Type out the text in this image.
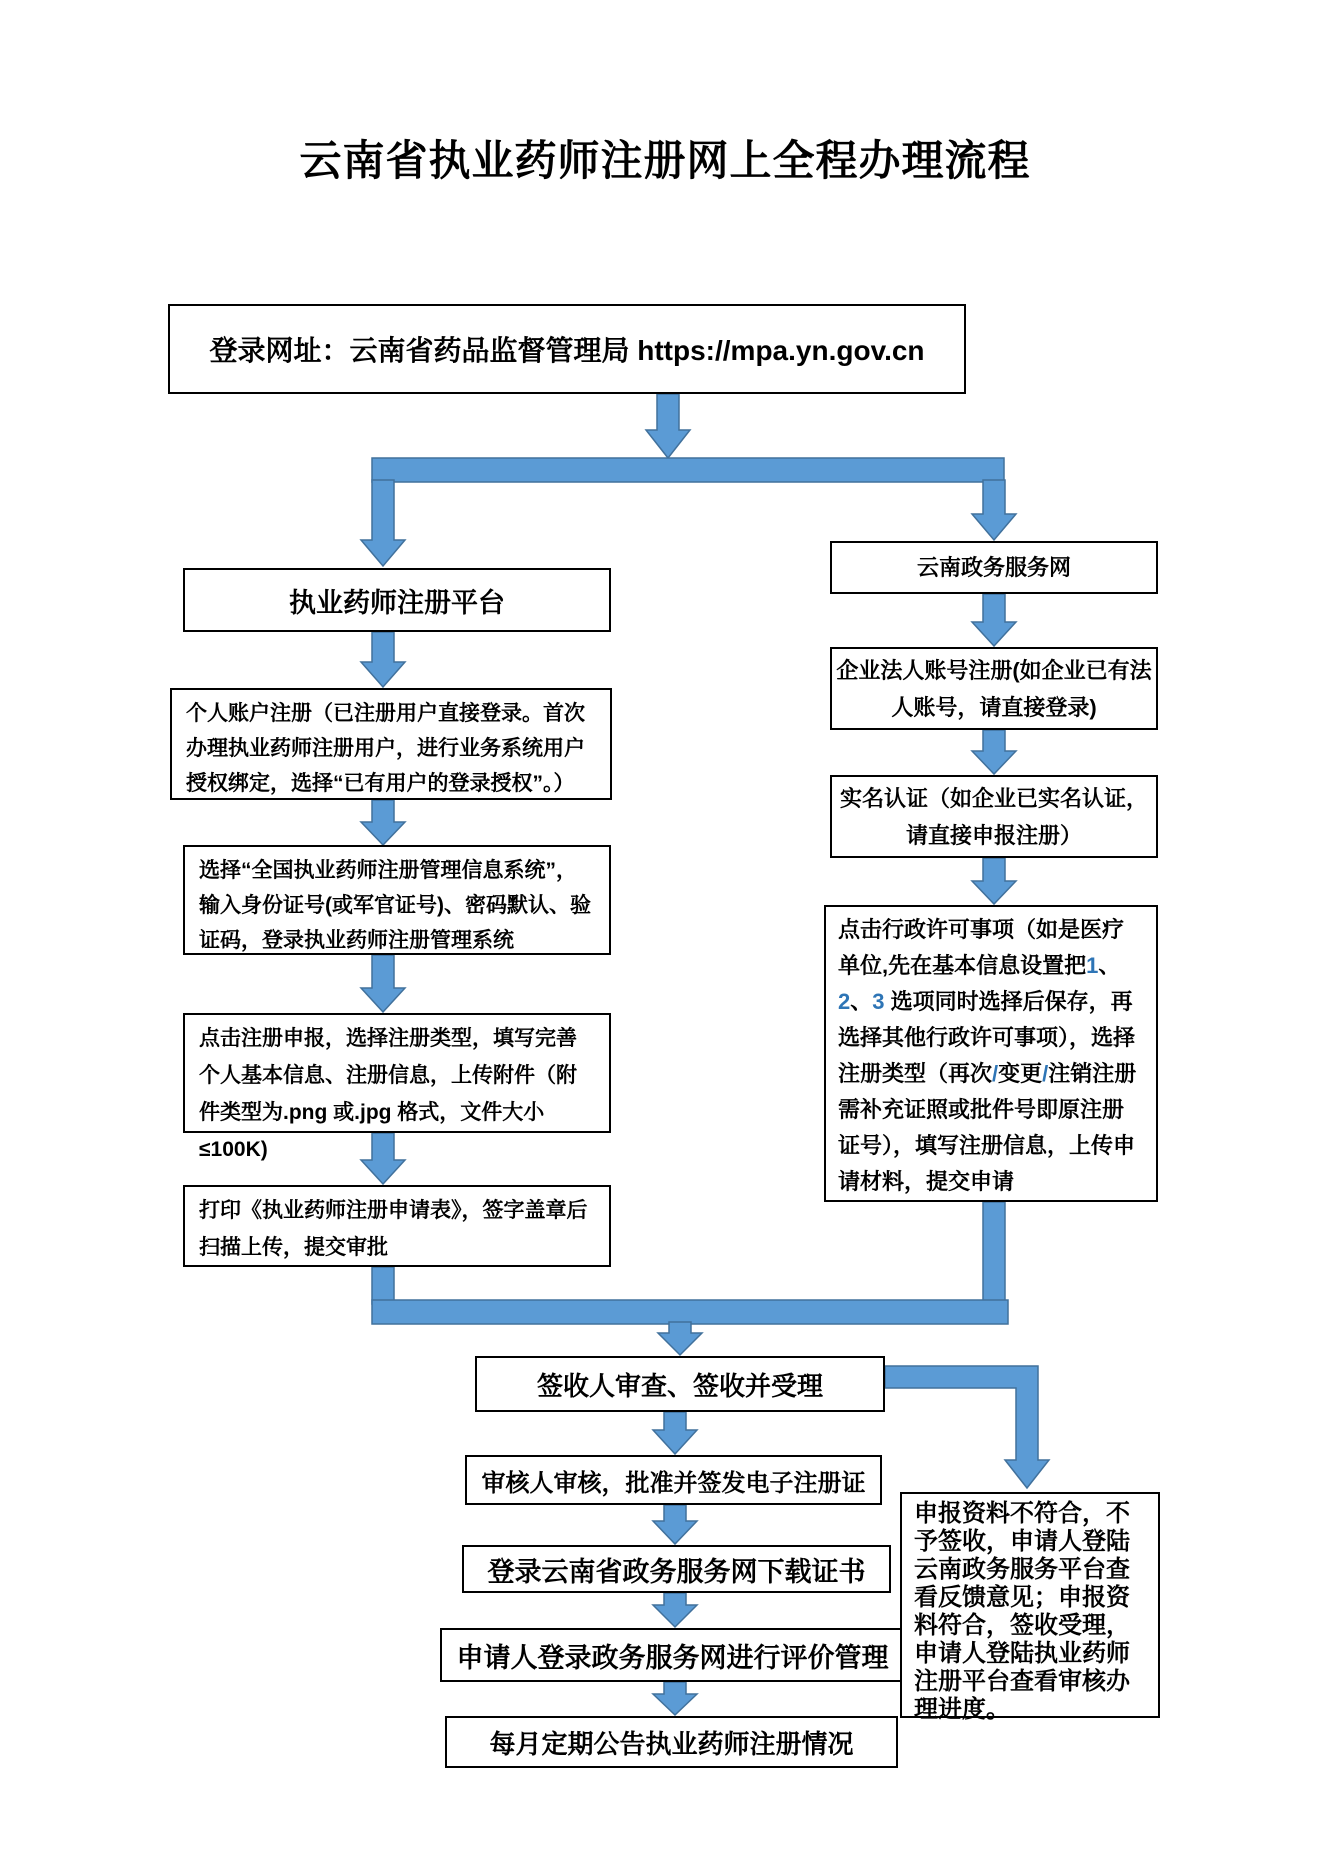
云南省执业药师注册网上全程办理流程
登录网址：云南省药品监督管理局 https://mpa.yn.gov.cn
执业药师注册平台
个人账户注册（已注册用户直接登录。首次办理执业药师注册用户，进行业务系统用户授权绑定，选择“已有用户的登录授权”。）
选择“全国执业药师注册管理信息系统”，输入身份证号(或军官证号)、密码默认、验证码，登录执业药师注册管理系统
点击注册申报，选择注册类型，填写完善个人基本信息、注册信息，上传附件（附件类型为.png 或.jpg 格式，文件大小≤100K)
打印《执业药师注册申请表》，签字盖章后扫描上传，提交审批
云南政务服务网
企业法人账号注册(如企业已有法人账号，请直接登录)
实名认证（如企业已实名认证，请直接申报注册）
点击行政许可事项（如是医疗单位,先在基本信息设置把1、2、3 选项同时选择后保存，再选择其他行政许可事项），选择注册类型（再次/变更/注销注册需补充证照或批件号即原注册证号），填写注册信息，上传申请材料，提交申请
签收人审查、签收并受理
审核人审核，批准并签发电子注册证
登录云南省政务服务网下载证书
申请人登录政务服务网进行评价管理
每月定期公告执业药师注册情况
申报资料不符合，不予签收，申请人登陆云南政务服务平台查看反馈意见；申报资料符合，签收受理，申请人登陆执业药师注册平台查看审核办理进度。
